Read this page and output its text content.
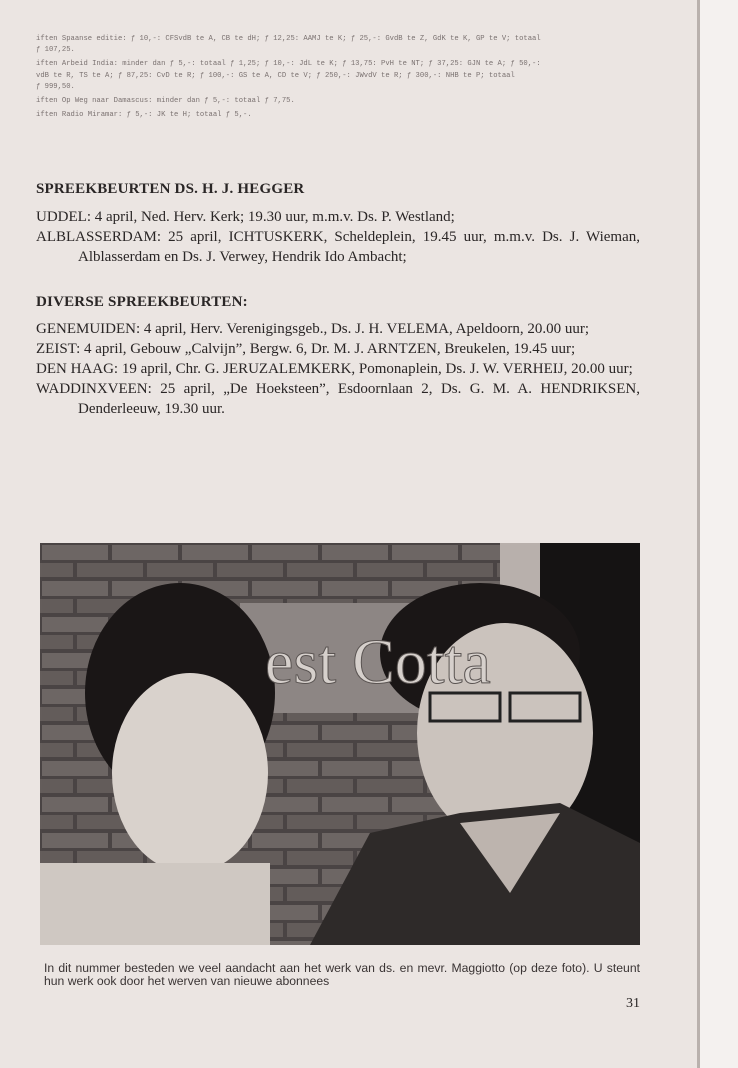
iften Spaanse editie: ƒ 10,-: CFSvdB te A, CB te dH; ƒ 12,25: AAMJ te K; ƒ 25,-: GvdB te Z, GdK te K, GP te V; totaal
ƒ 107,25.
iften Arbeid India: minder dan ƒ 5,-: totaal ƒ 1,25; ƒ 10,-: JdL te K; ƒ 13,75: PvH te NT; ƒ 37,25: GJN te A; ƒ 50,-:
vdB te R, TS te A; ƒ 87,25: CvD te R; ƒ 100,-: GS te A, CD te V; ƒ 250,-: JWvdV te R; ƒ 300,-: NHB te P; totaal
ƒ 999,50.
iften Op Weg naar Damascus: minder dan ƒ 5,-: totaal ƒ 7,75.
iften Radio Miramar: ƒ 5,-: JK te H; totaal ƒ 5,-.
SPREEKBEURTEN DS. H. J. HEGGER
UDDEL: 4 april, Ned. Herv. Kerk; 19.30 uur, m.m.v. Ds. P. Westland;
ALBLASSERDAM: 25 april, ICHTUSKERK, Scheldeplein, 19.45 uur, m.m.v. Ds. J. Wieman, Alblasserdam en Ds. J. Verwey, Hendrik Ido Ambacht;
DIVERSE SPREEKBEURTEN:
GENEMUIDEN: 4 april, Herv. Verenigingsgeb., Ds. J. H. VELEMA, Apeldoorn, 20.00 uur;
ZEIST: 4 april, Gebouw „Calvijn”, Bergw. 6, Dr. M. J. ARNTZEN, Breukelen, 19.45 uur;
DEN HAAG: 19 april, Chr. G. JERUZALEMKERK, Pomonaplein, Ds. J. W. VERHEIJ, 20.00 uur;
WADDINXVEEN: 25 april, „De Hoeksteen”, Esdoornlaan 2, Ds. G. M. A. HENDRIKSEN, Denderleeuw, 19.30 uur.
est Cotta
In dit nummer besteden we veel aandacht aan het werk van ds. en mevr. Maggiotto (op deze foto). U steunt hun werk ook door het werven van nieuwe abonnees
31
